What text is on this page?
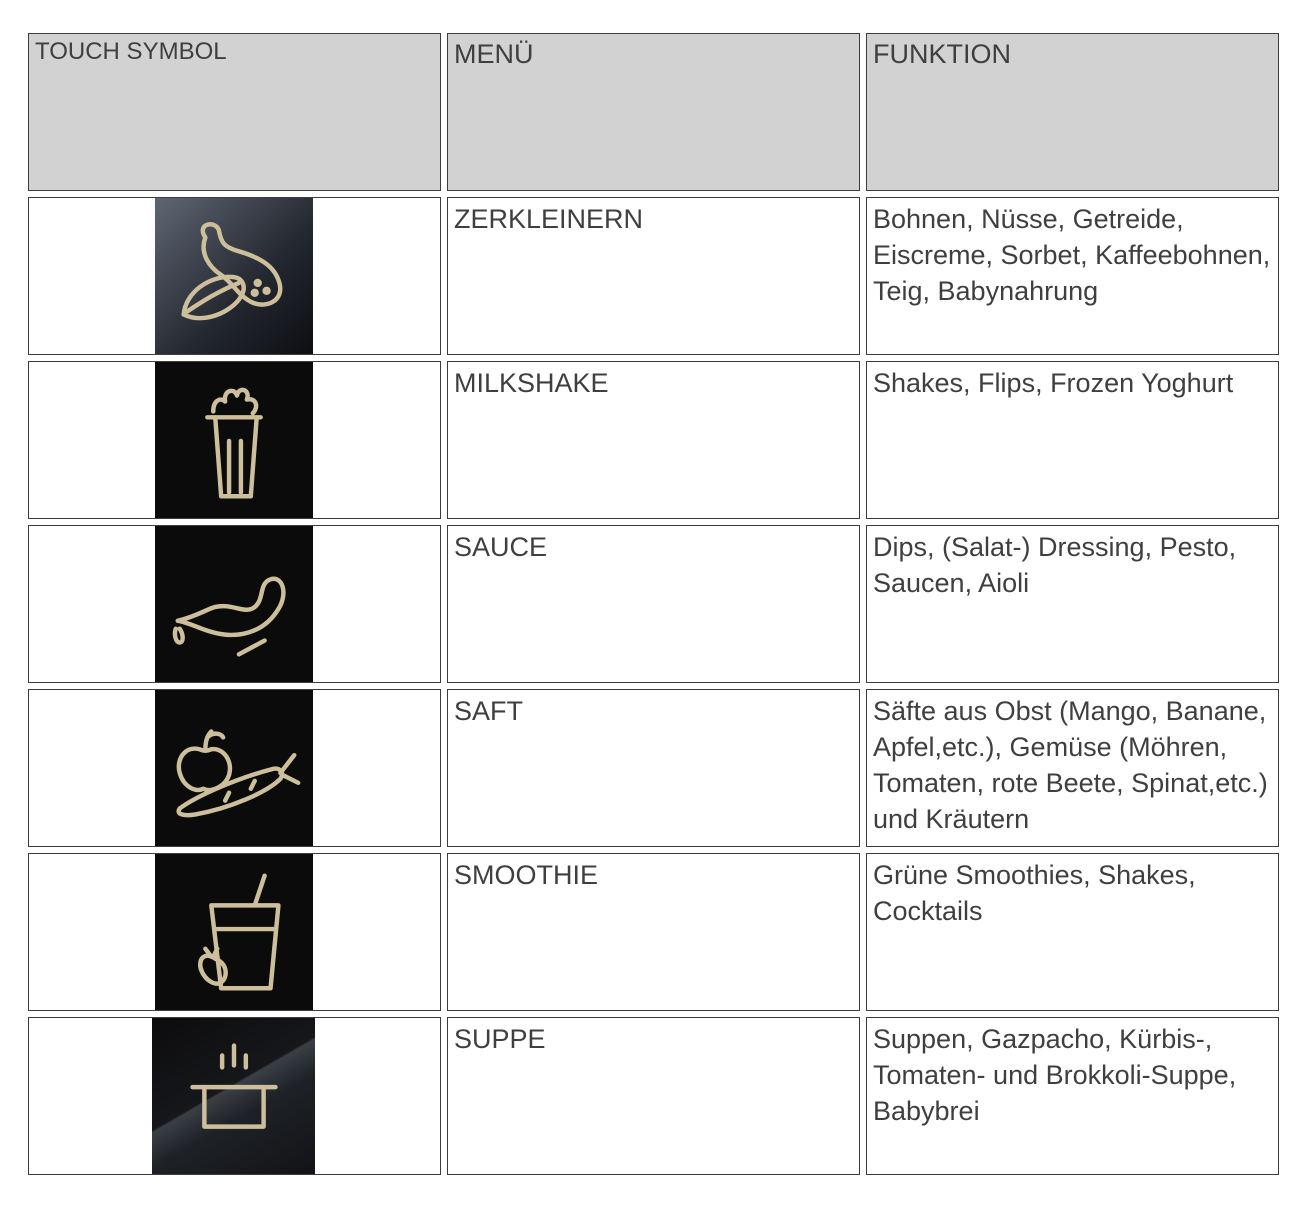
TOUCH SYMBOL	MENÜ	FUNKTION

	ZERKLEINERN	Bohnen, Nüsse, Getreide, Eiscreme, Sorbet, Kaffeebohnen, Teig, Babynahrung

	MILKSHAKE	Shakes, Flips, Frozen Yoghurt

	SAUCE	Dips, (Salat-) Dressing, Pesto, Saucen, Aioli

	SAFT	Säfte aus Obst (Mango, Banane, Apfel,etc.), Gemüse (Möhren, Tomaten, rote Beete, Spinat,etc.) und Kräutern

	SMOOTHIE	Grüne Smoothies, Shakes, Cocktails

	SUPPE	Suppen, Gazpacho, Kürbis-, Tomaten- und Brokkoli-Suppe, Babybrei
